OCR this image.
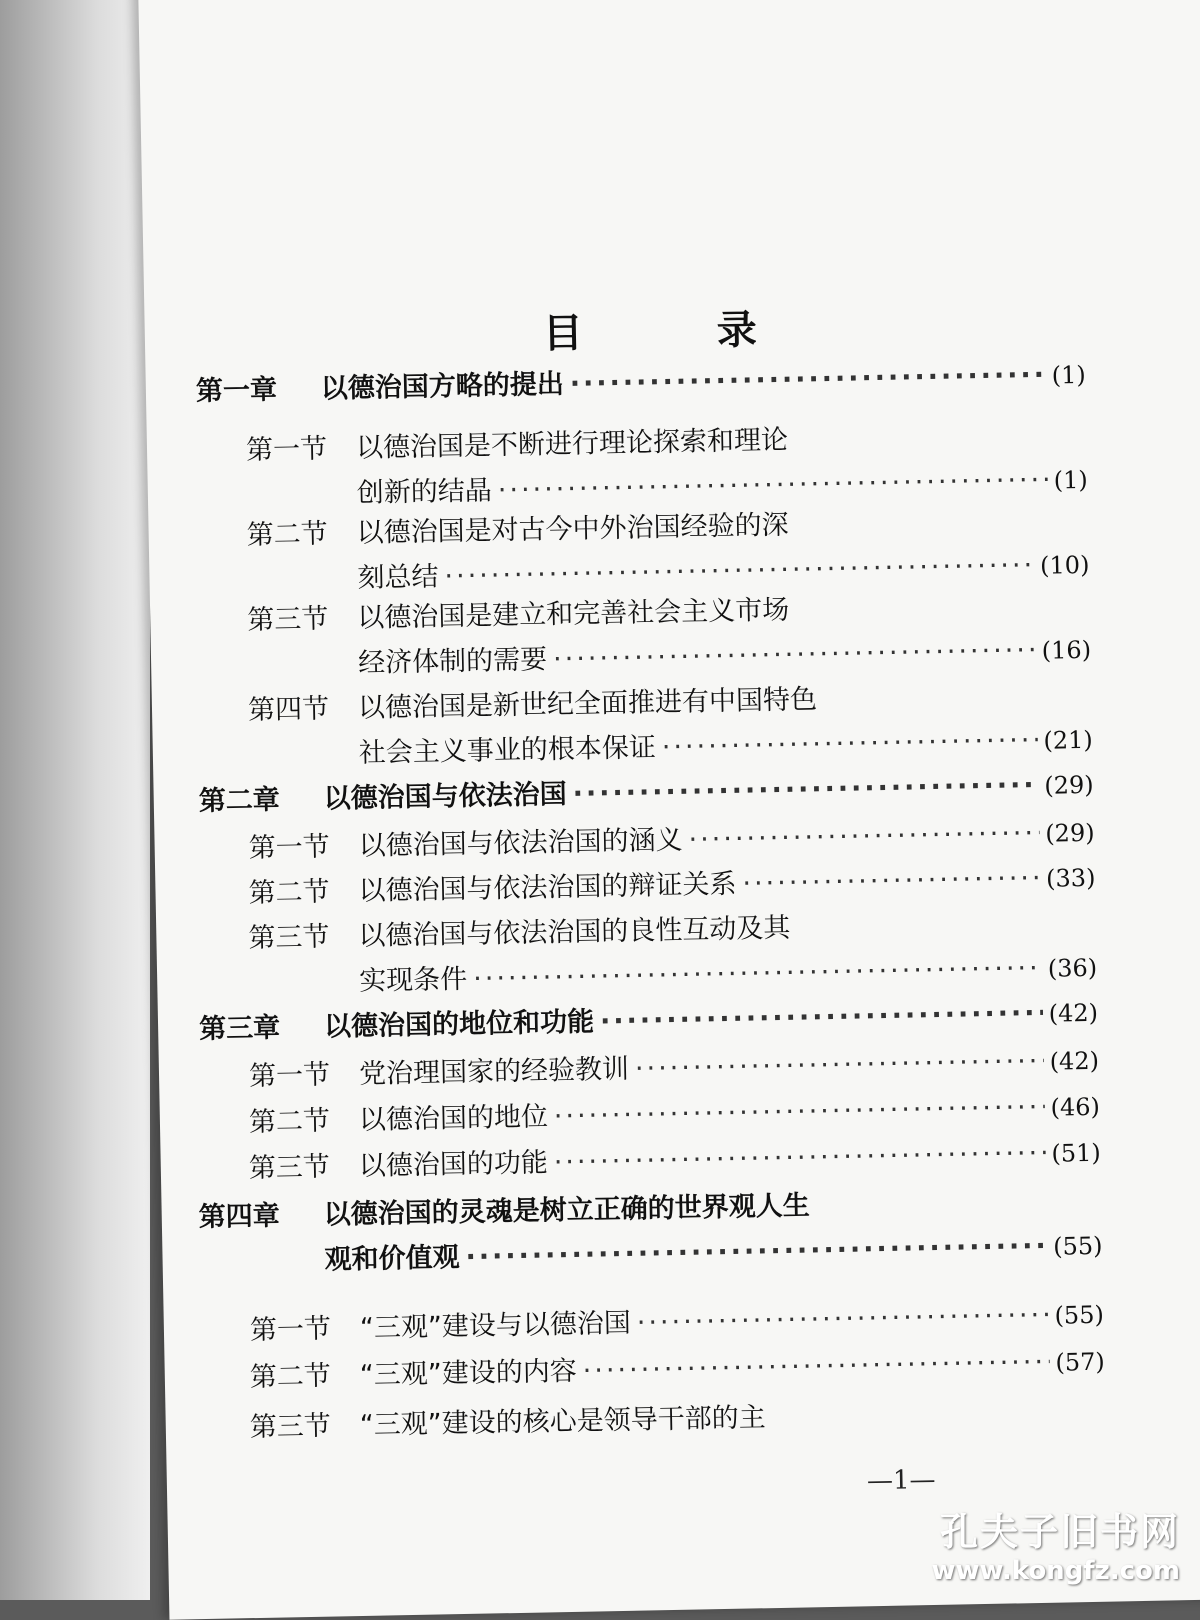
目 录
第一章	以德治国方略的提出 ·····	(1)
第一节	以德治国是不断进行理论探索和理论
创新的结晶 ·····	(1)
第二节	以德治国是对古今中外治国经验的深
刻总结 ·····	(10)
第三节	以德治国是建立和完善社会主义市场
经济体制的需要 ·····	(16)
第四节	以德治国是新世纪全面推进有中国特色
社会主义事业的根本保证 ·····	(21)
第二章	以德治国与依法治国 ·····	(29)
第一节	以德治国与依法治国的涵义 ·····	(29)
第二节	以德治国与依法治国的辩证关系 ·····	(33)
第三节	以德治国与依法治国的良性互动及其
实现条件 ·····	(36)
第三章	以德治国的地位和功能 ·····	(42)
第一节	党治理国家的经验教训 ·····	(42)
第二节	以德治国的地位 ·····	(46)
第三节	以德治国的功能 ·····	(51)
第四章	以德治国的灵魂是树立正确的世界观人生
观和价值观 ·····	(55)
第一节	“三观”建设与以德治国 ·····	(55)
第二节	“三观”建设的内容 ·····	(57)
第三节	“三观”建设的核心是领导干部的主
—1—
孔夫子旧书网
www.kongfz.com
